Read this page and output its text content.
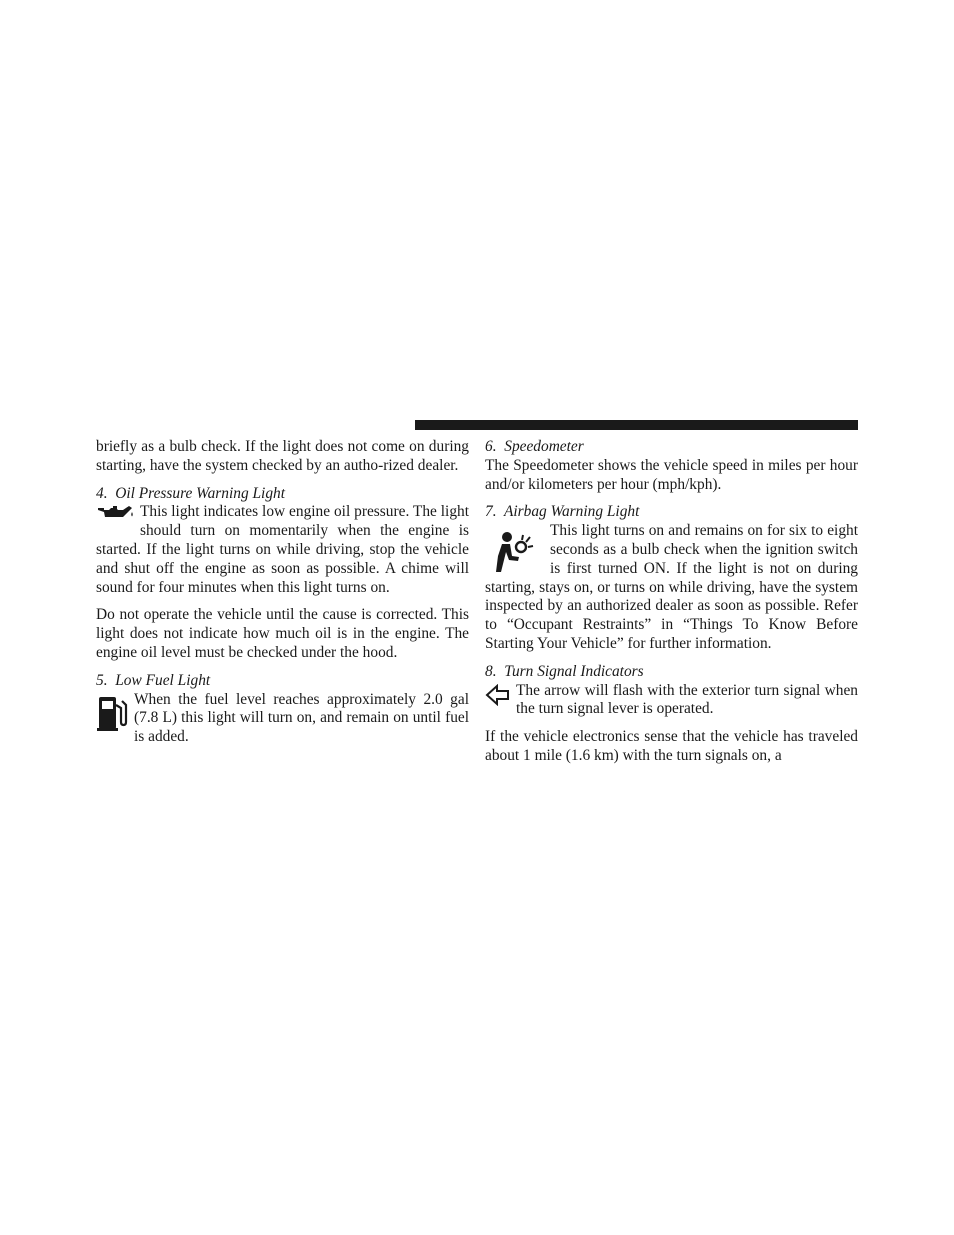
briefly as a bulb check. If the light does not come on during starting, have the system checked by an autho-rized dealer.

4. Oil Pressure Warning Light

This light indicates low engine oil pressure. The light should turn on momentarily when the engine is started. If the light turns on while driving, stop the vehicle and shut off the engine as soon as possible. A chime will sound for four minutes when this light turns on.

Do not operate the vehicle until the cause is corrected. This light does not indicate how much oil is in the engine. The engine oil level must be checked under the hood.

5. Low Fuel Light

When the fuel level reaches approximately 2.0 gal (7.8 L) this light will turn on, and remain on until fuel is added.

6. Speedometer

The Speedometer shows the vehicle speed in miles per hour and/or kilometers per hour (mph/kph).

7. Airbag Warning Light

This light turns on and remains on for six to eight seconds as a bulb check when the ignition switch is first turned ON. If the light is not on during starting, stays on, or turns on while driving, have the system inspected by an authorized dealer as soon as possible. Refer to “Occupant Restraints” in “Things To Know Before Starting Your Vehicle” for further information.

8. Turn Signal Indicators

The arrow will flash with the exterior turn signal when the turn signal lever is operated.

If the vehicle electronics sense that the vehicle has traveled about 1 mile (1.6 km) with the turn signals on, a
